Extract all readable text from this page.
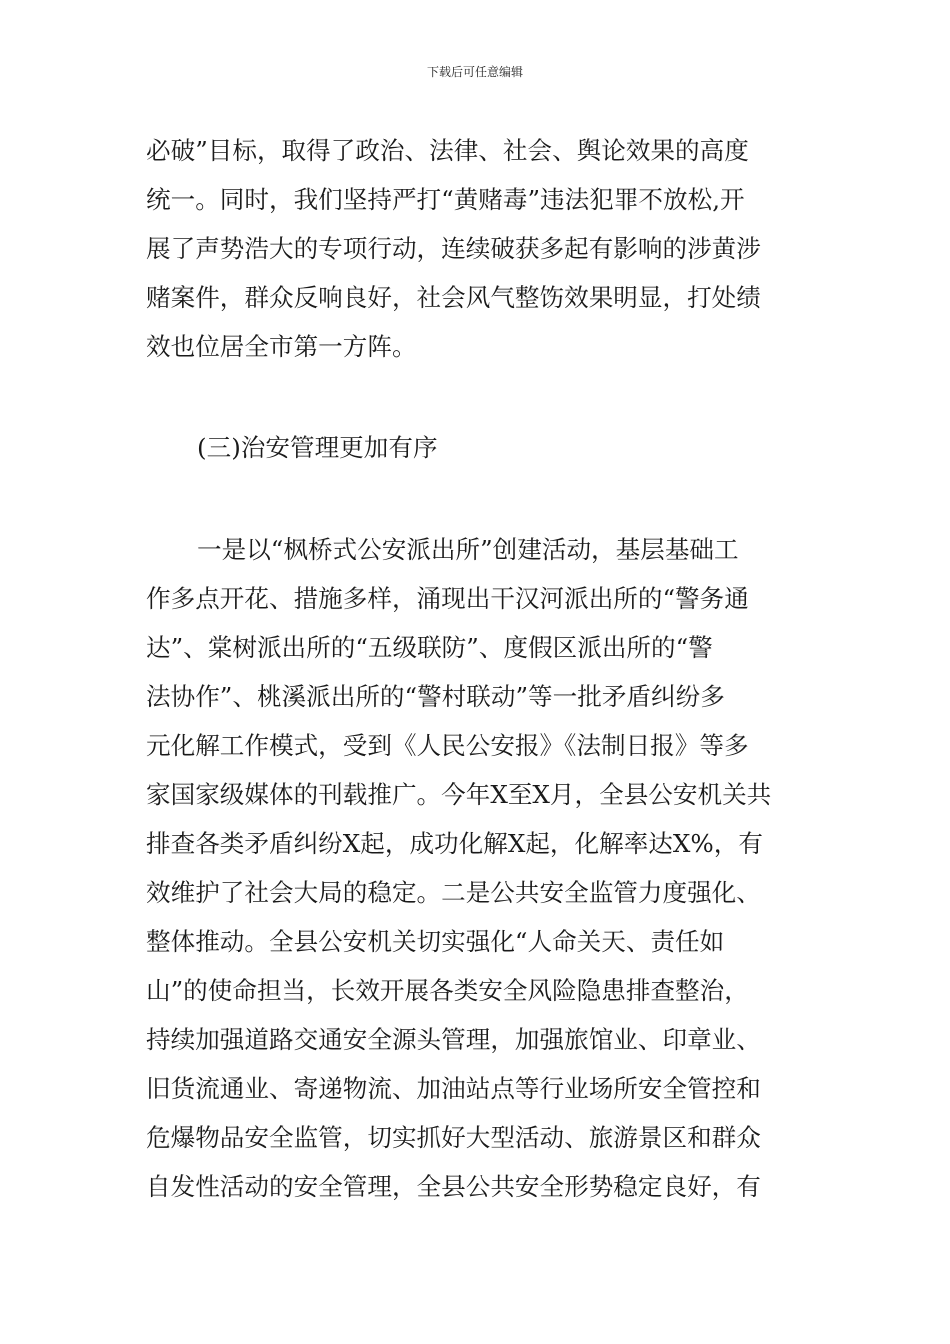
下载后可任意编辑
必破”目标，取得了政治、法律、社会、舆论效果的高度
统一。同时，我们坚持严打“黄赌毒”违法犯罪不放松,开
展了声势浩大的专项行动，连续破获多起有影响的涉黄涉
赌案件，群众反响良好，社会风气整饬效果明显，打处绩
效也位居全市第一方阵。
(三)治安管理更加有序
一是以“枫桥式公安派出所”创建活动，基层基础工
作多点开花、措施多样，涌现出干汉河派出所的“警务通
达”、棠树派出所的“五级联防”、度假区派出所的“警
法协作”、桃溪派出所的“警村联动”等一批矛盾纠纷多
元化解工作模式，受到《人民公安报》《法制日报》等多
家国家级媒体的刊载推广。今年X至X月，全县公安机关共
排查各类矛盾纠纷X起，成功化解X起，化解率达X%，有
效维护了社会大局的稳定。二是公共安全监管力度强化、
整体推动。全县公安机关切实强化“人命关天、责任如
山”的使命担当，长效开展各类安全风险隐患排查整治，
持续加强道路交通安全源头管理，加强旅馆业、印章业、
旧货流通业、寄递物流、加油站点等行业场所安全管控和
危爆物品安全监管，切实抓好大型活动、旅游景区和群众
自发性活动的安全管理，全县公共安全形势稳定良好，有
